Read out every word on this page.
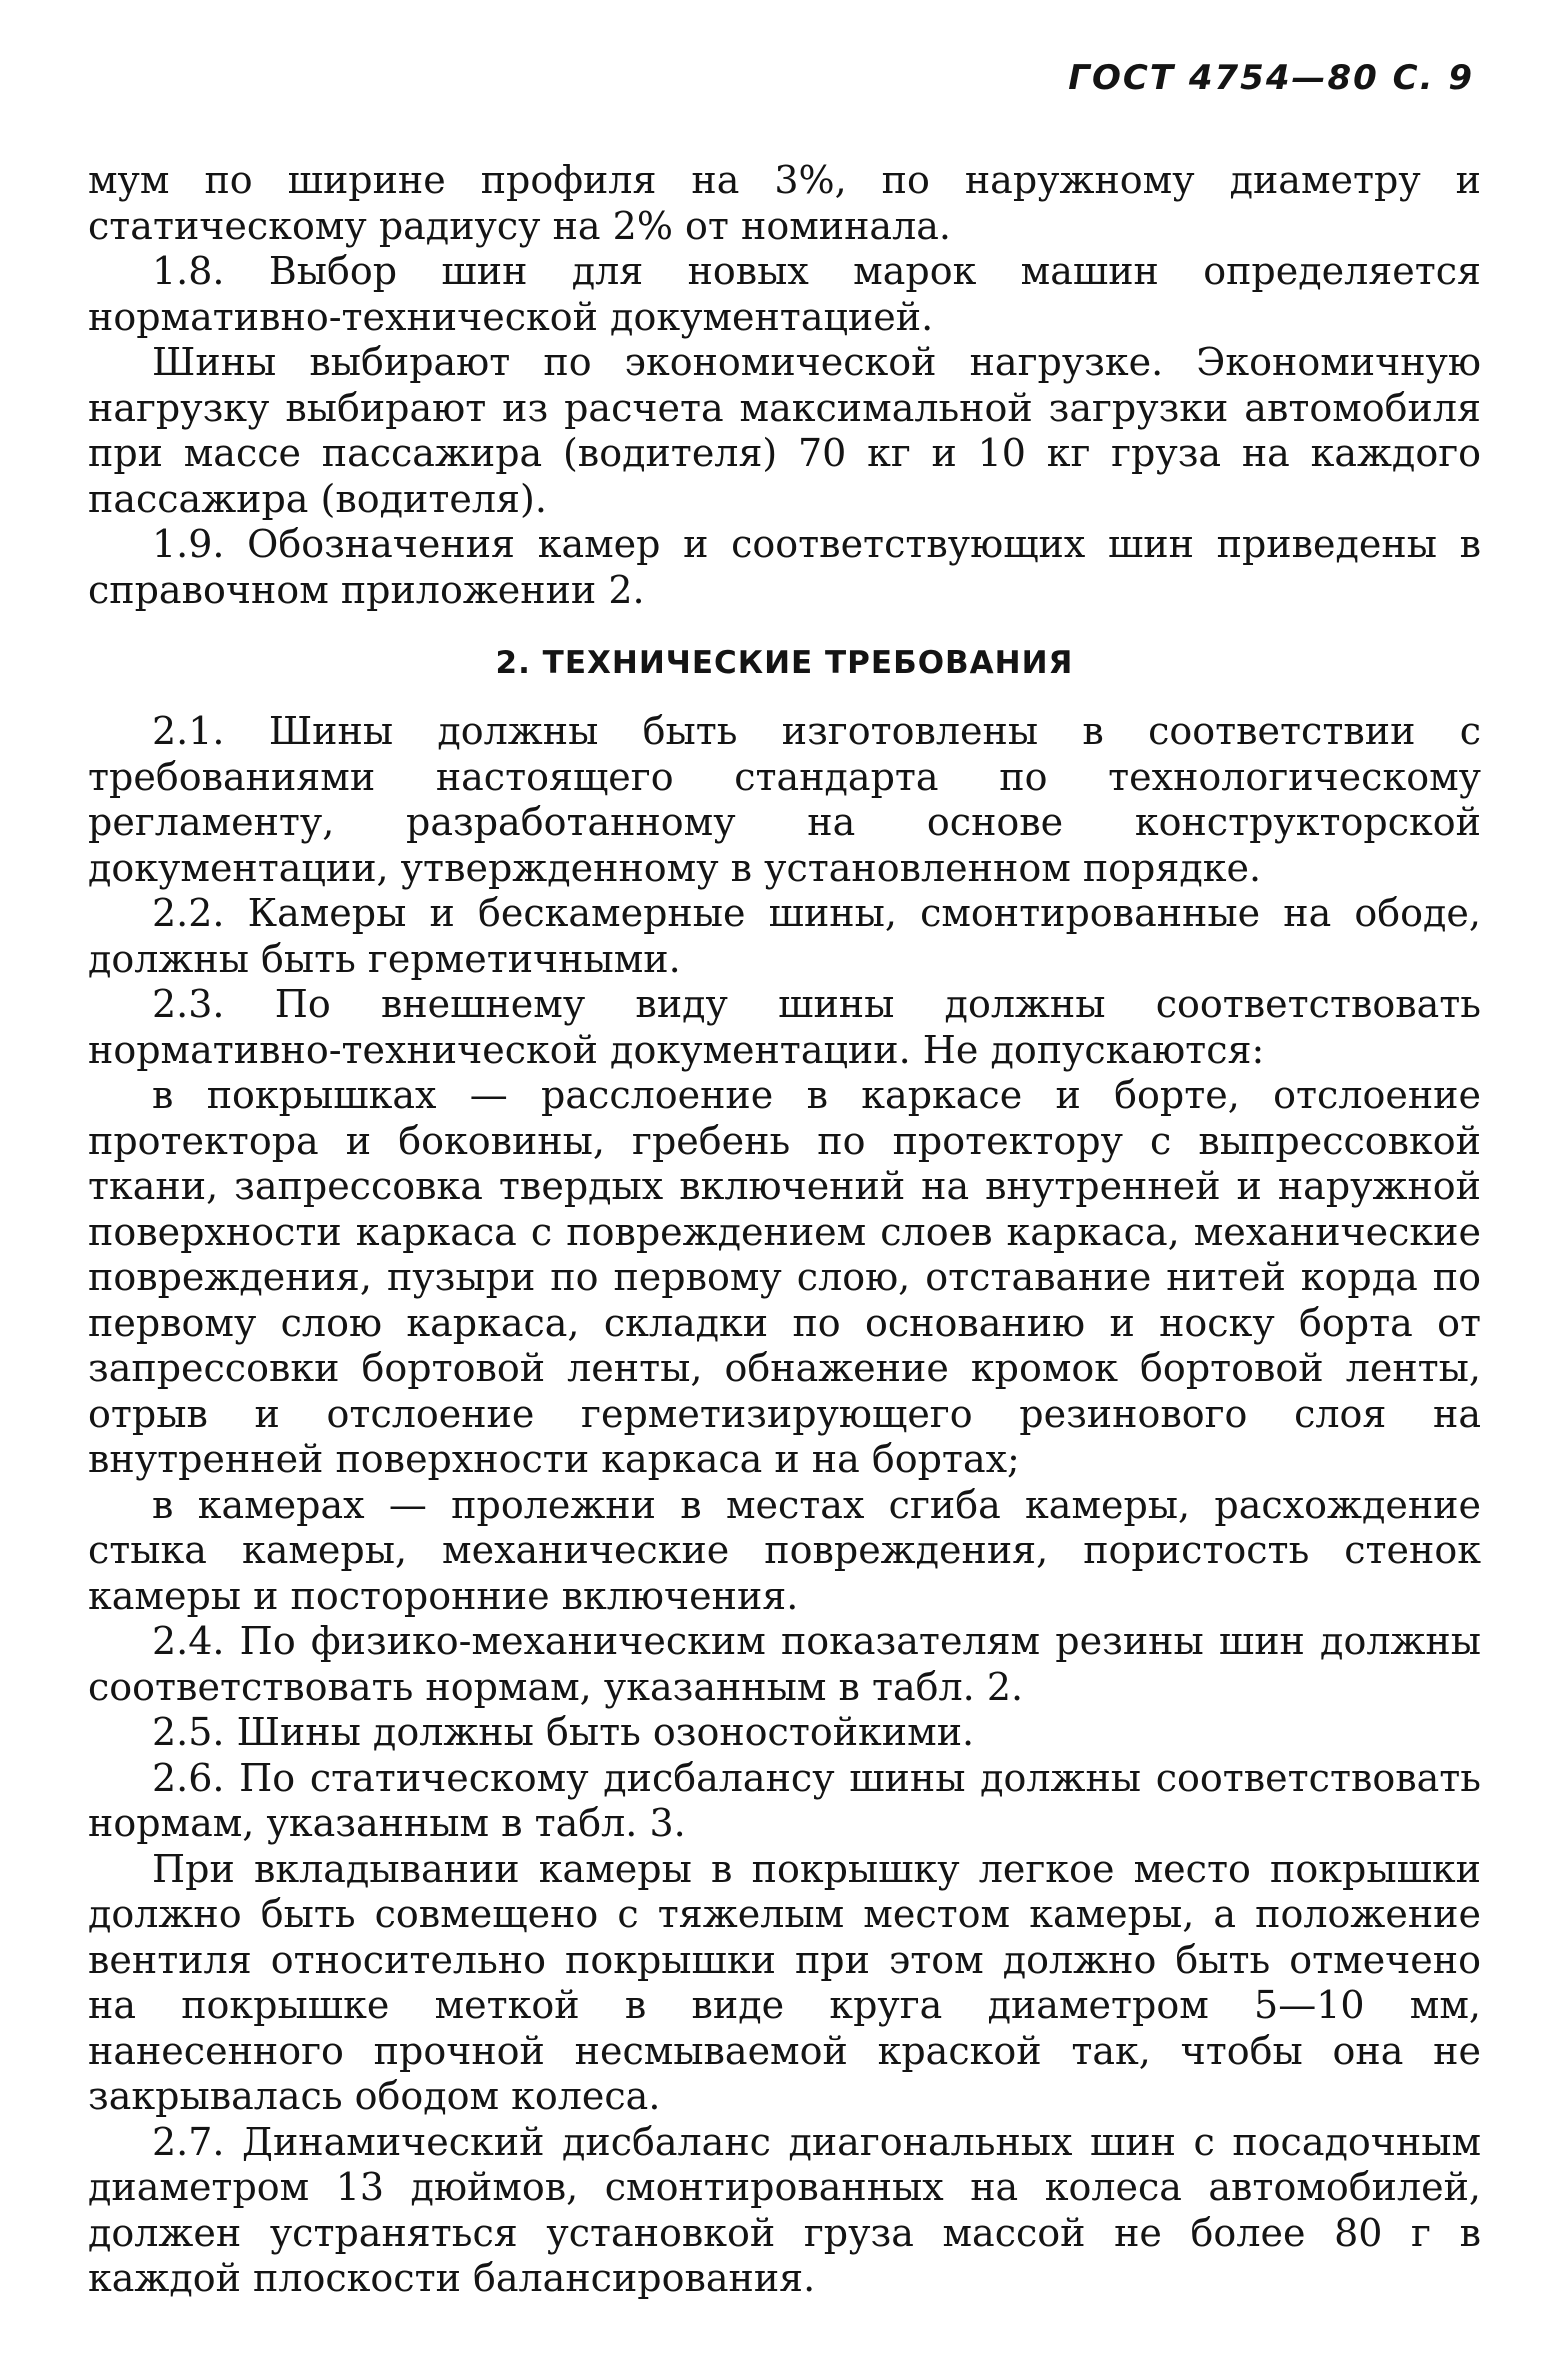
ГОСТ 4754—80 С. 9

мум по ширине профиля на 3%, по наружному диаметру и статическому радиусу на 2% от номинала.

1.8. Выбор шин для новых марок машин определяется нормативно-технической документацией.

Шины выбирают по экономической нагрузке. Экономичную нагрузку выбирают из расчета максимальной загрузки автомобиля при массе пассажира (водителя) 70 кг и 10 кг груза на каждого пассажира (водителя).

1.9. Обозначения камер и соответствующих шин приведены в справочном приложении 2.

2. ТЕХНИЧЕСКИЕ ТРЕБОВАНИЯ

2.1. Шины должны быть изготовлены в соответствии с требованиями настоящего стандарта по технологическому регламенту, разработанному на основе конструкторской документации, утвержденному в установленном порядке.

2.2. Камеры и бескамерные шины, смонтированные на ободе, должны быть герметичными.

2.3. По внешнему виду шины должны соответствовать нормативно-технической документации. Не допускаются:

в покрышках — расслоение в каркасе и борте, отслоение протектора и боковины, гребень по протектору с выпрессовкой ткани, запрессовка твердых включений на внутренней и наружной поверхности каркаса с повреждением слоев каркаса, механические повреждения, пузыри по первому слою, отставание нитей корда по первому слою каркаса, складки по основанию и носку борта от запрессовки бортовой ленты, обнажение кромок бортовой ленты, отрыв и отслоение герметизирующего резинового слоя на внутренней поверхности каркаса и на бортах;

в камерах — пролежни в местах сгиба камеры, расхождение стыка камеры, механические повреждения, пористость стенок камеры и посторонние включения.

2.4. По физико-механическим показателям резины шин должны соответствовать нормам, указанным в табл. 2.

2.5. Шины должны быть озоностойкими.

2.6. По статическому дисбалансу шины должны соответствовать нормам, указанным в табл. 3.

При вкладывании камеры в покрышку легкое место покрышки должно быть совмещено с тяжелым местом камеры, а положение вентиля относительно покрышки при этом должно быть отмечено на покрышке меткой в виде круга диаметром 5—10 мм, нанесенного прочной несмываемой краской так, чтобы она не закрывалась ободом колеса.

2.7. Динамический дисбаланс диагональных шин с посадочным диаметром 13 дюймов, смонтированных на колеса автомобилей, должен устраняться установкой груза массой не более 80 г в каждой плоскости балансирования.
